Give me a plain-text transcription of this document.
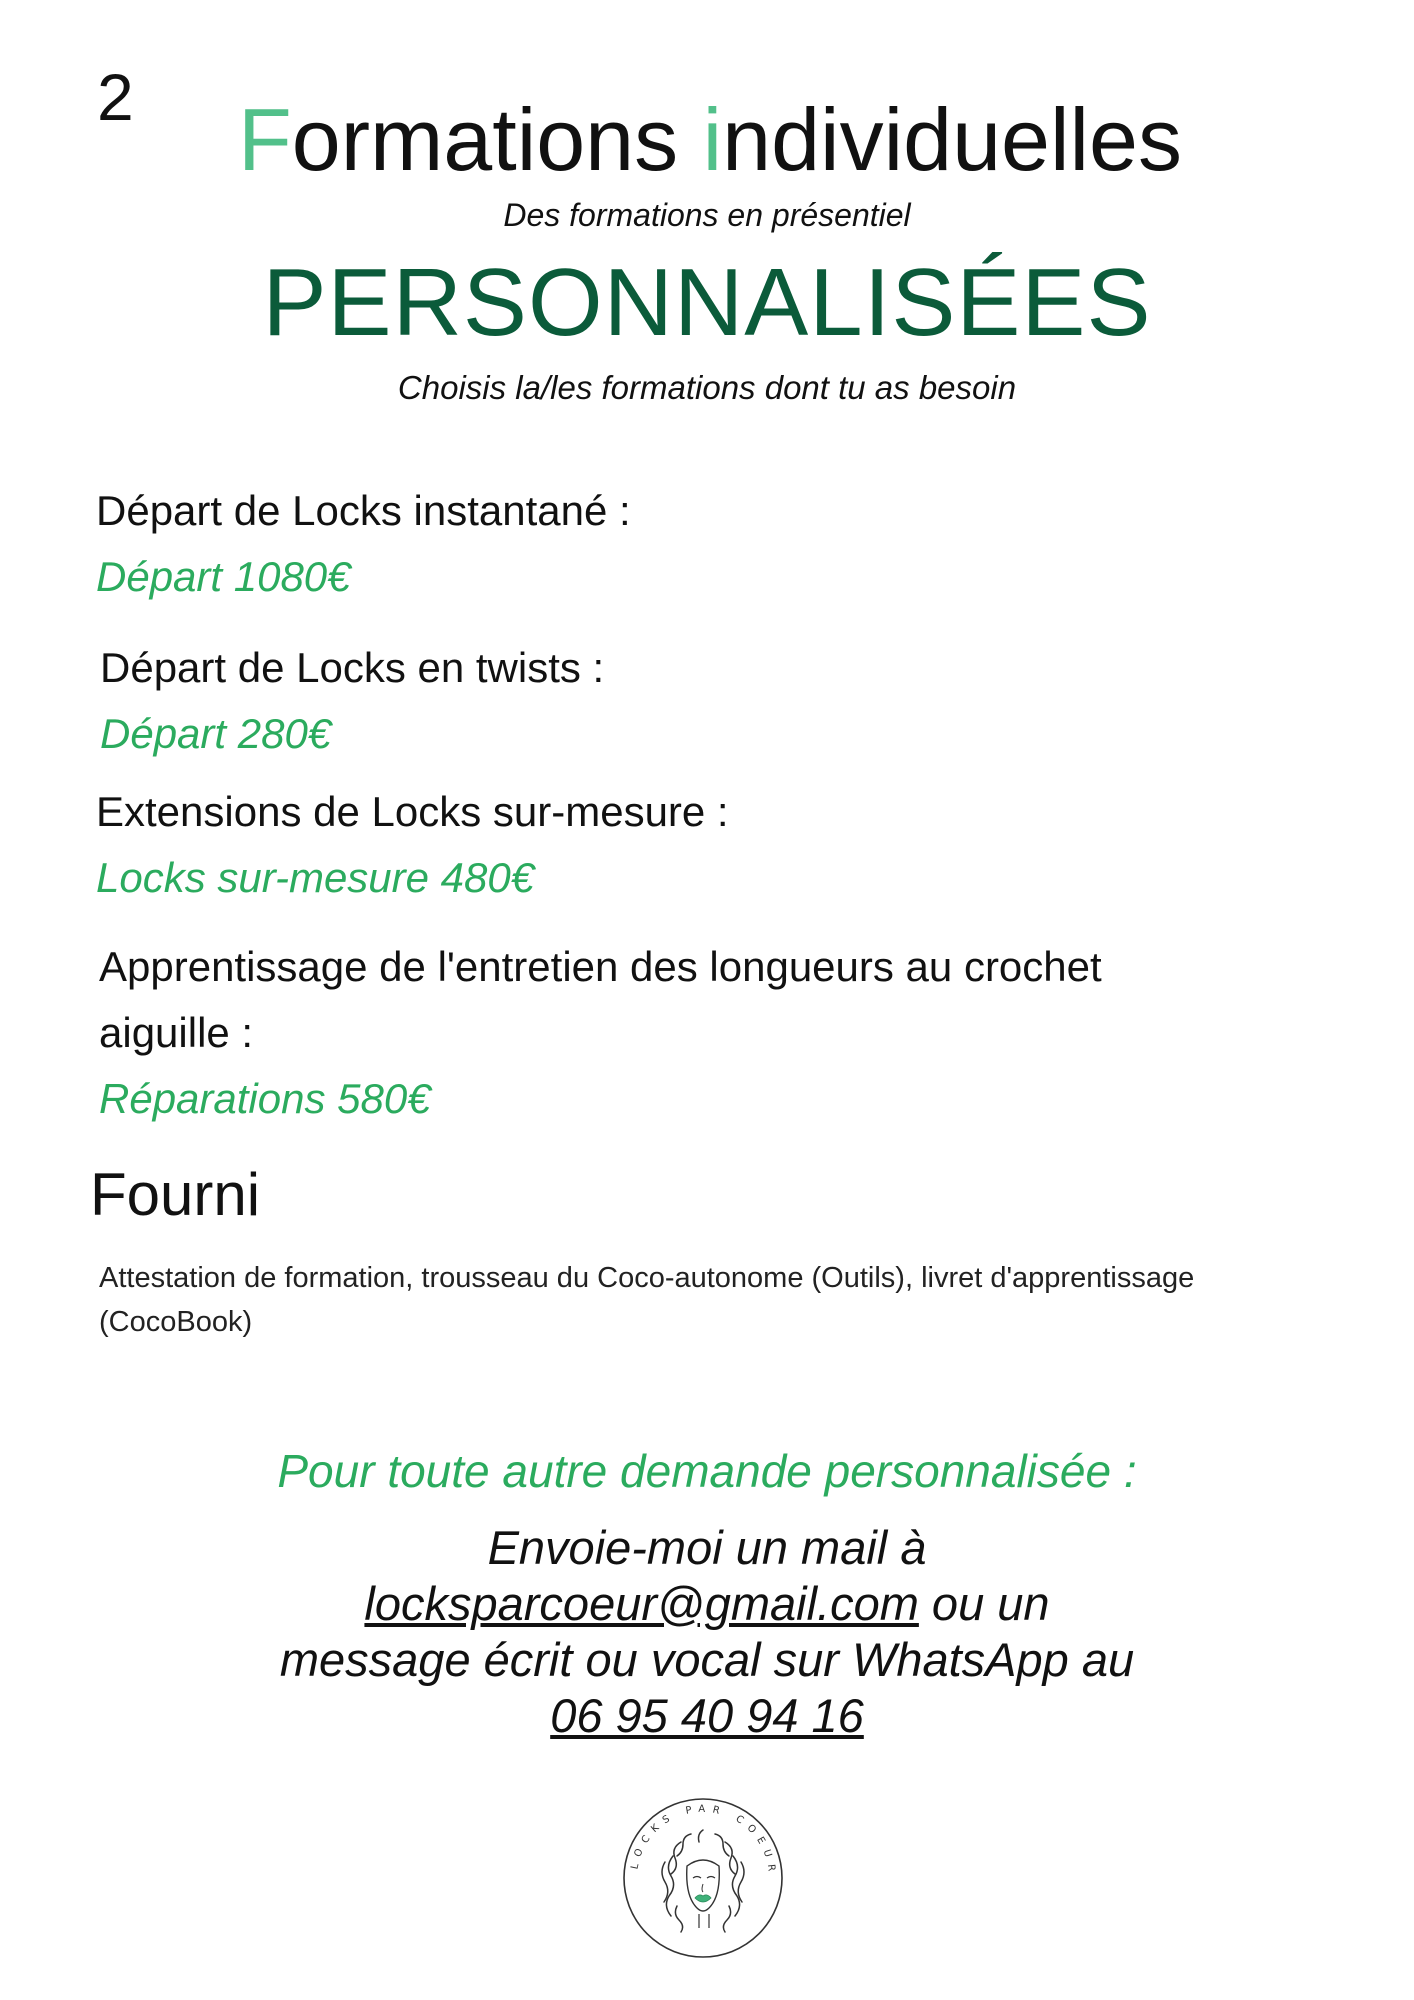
2	Formations individuelles
Des formations en présentiel
PERSONNALISÉES
Choisis la/les formations dont tu as besoin
Départ de Locks instantané :
Départ 1080€
Départ de Locks en twists :
Départ 280€
Extensions de Locks sur-mesure :
Locks sur-mesure 480€
Apprentissage de l'entretien des longueurs au crochet
aiguille :
Réparations 580€
Fourni
Attestation de formation, trousseau du Coco-autonome (Outils), livret d'apprentissage (CocoBook)
Pour toute autre demande personnalisée :
Envoie-moi un mail à
locksparcoeur@gmail.com ou un
message écrit ou vocal sur WhatsApp au
06 95 40 94 16
LOCKS PAR COEUR
